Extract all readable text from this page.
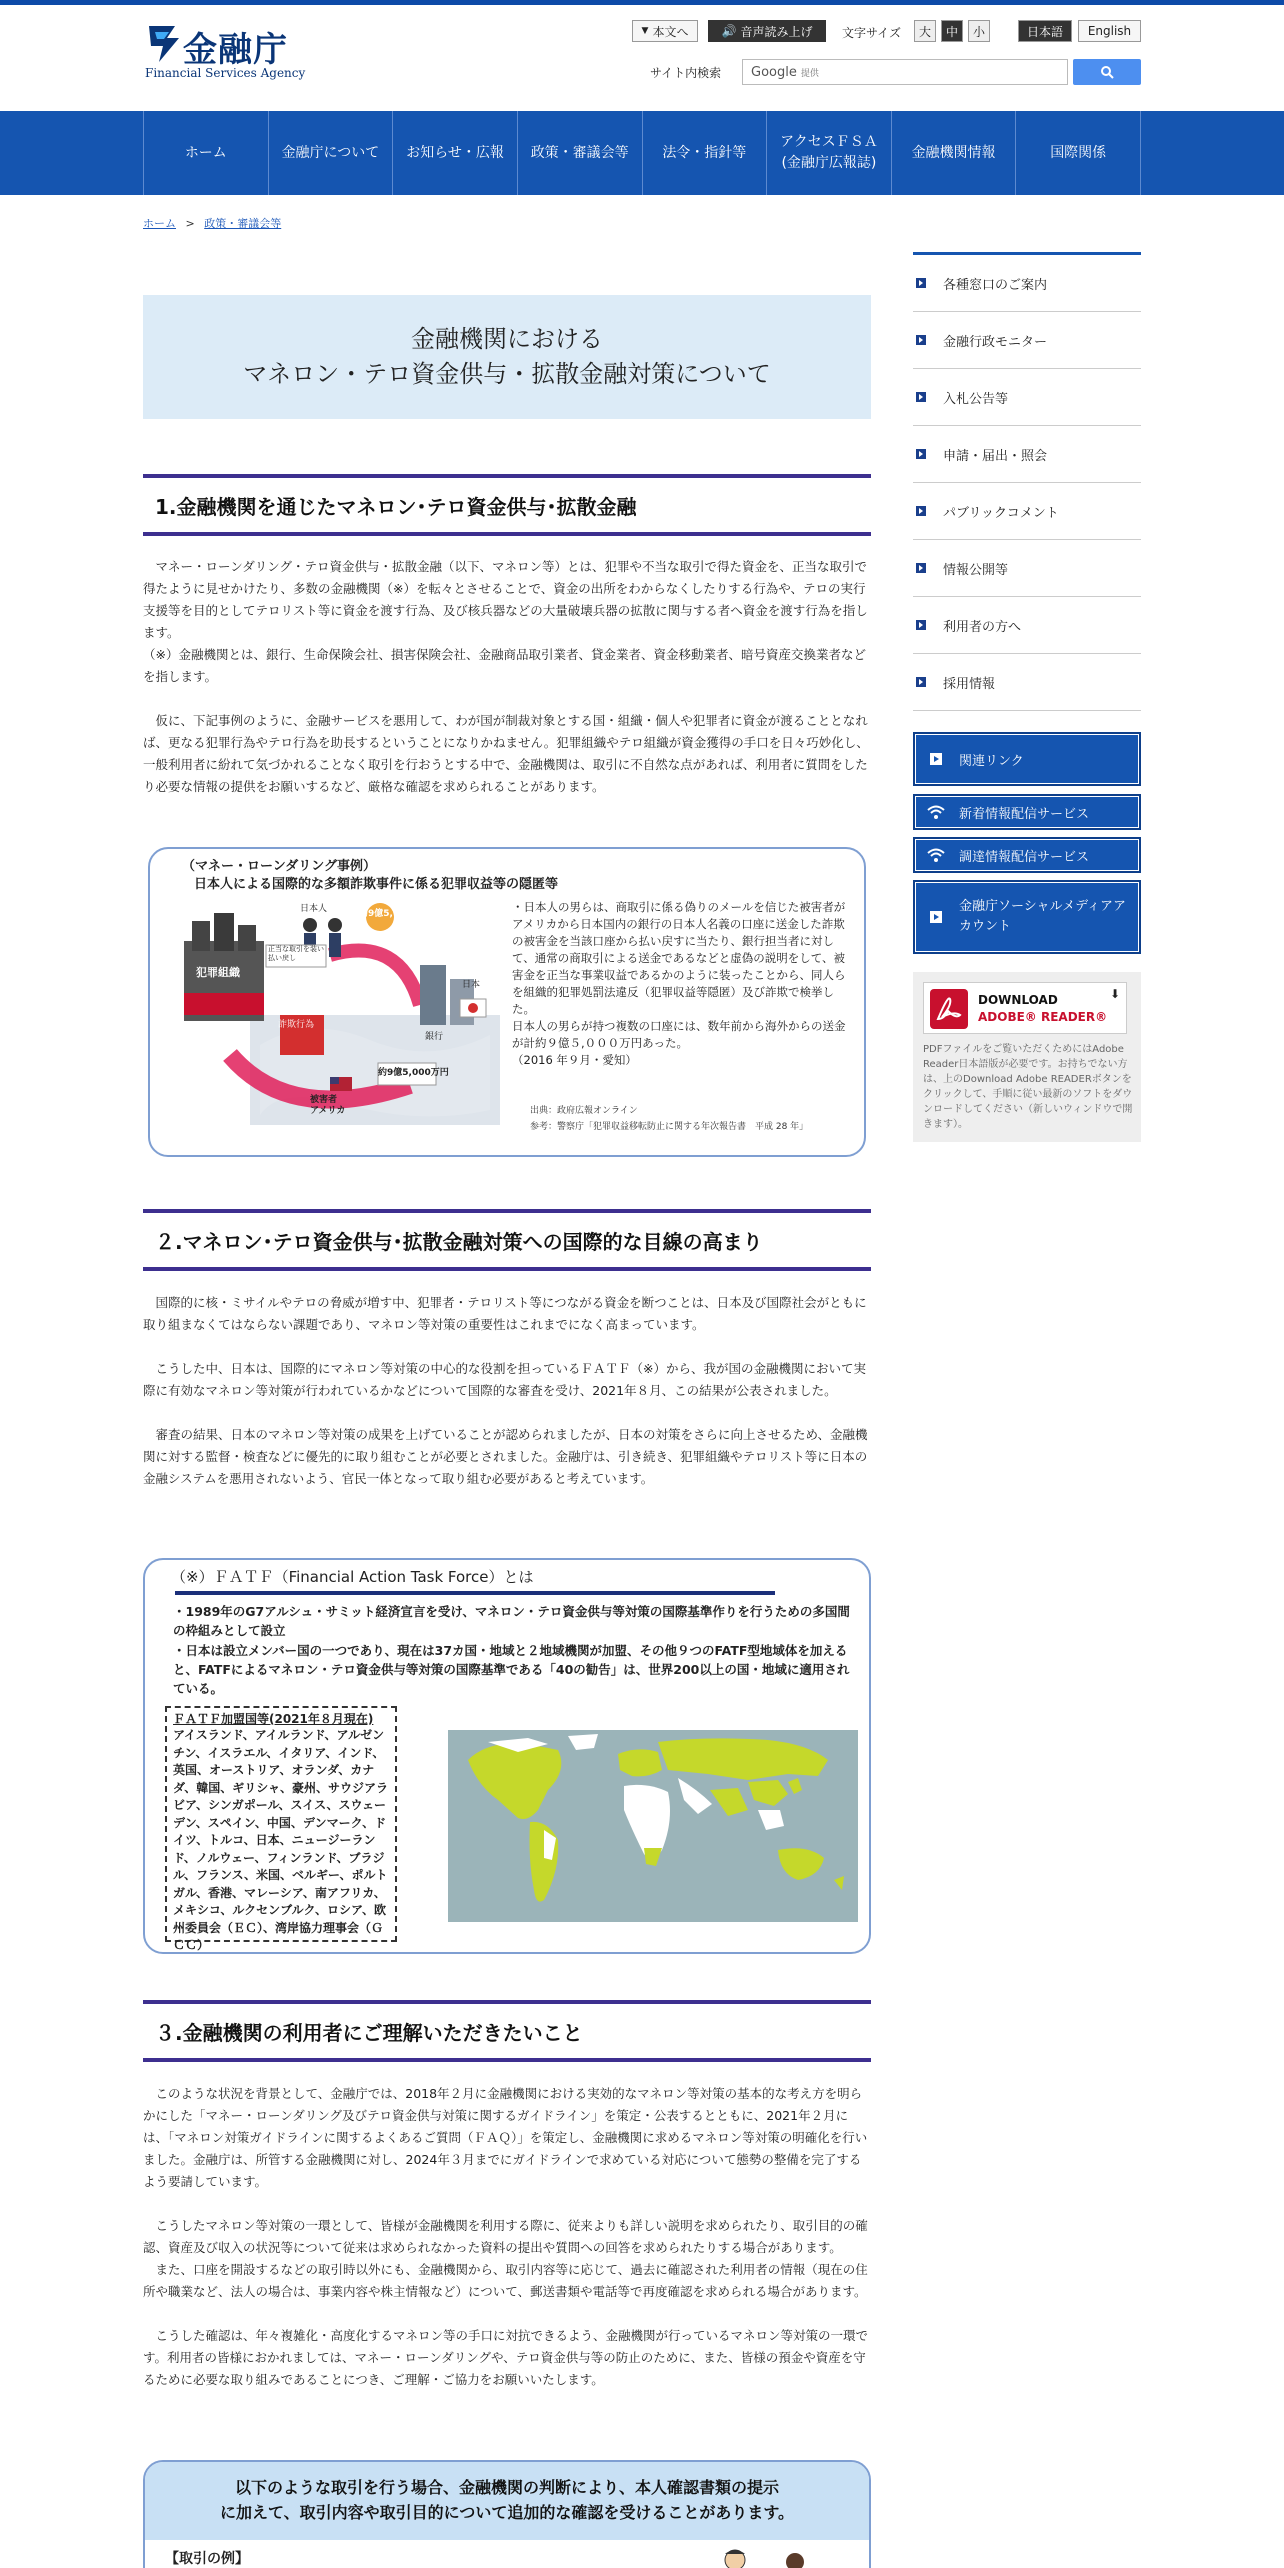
金融庁
Financial Services Agency
▼ 本文へ	🔊 音声読み上げ 文字サイズ	大	中	小	日本語	English
サイト内検索 Google 提供
ホーム	金融庁について	お知らせ・広報	政策・審議会等	法令・指針等
アクセスＦＳＡ
(金融庁広報誌)
金融機関情報	国際関係
ホーム > 政策・審議会等
金融機関における
マネロン・テロ資金供与・拡散金融対策について
1.金融機関を通じたマネロン･テロ資金供与･拡散金融

マネー・ローンダリング・テロ資金供与・拡散金融（以下、マネロン等）とは、犯罪や不当な取引で得た資金を、正当な取引で得たように見せかけたり、多数の金融機関（※）を転々とさせることで、資金の出所をわからなくしたりする行為や、テロの実行支援等を目的としてテロリスト等に資金を渡す行為、及び核兵器などの大量破壊兵器の拡散に関与する者へ資金を渡す行為を指します。

（※）金融機関とは、銀行、生命保険会社、損害保険会社、金融商品取引業者、貸金業者、資金移動業者、暗号資産交換業者などを指します。

仮に、下記事例のように、金融サービスを悪用して、わが国が制裁対象とする国・組織・個人や犯罪者に資金が渡ることとなれば、更なる犯罪行為やテロ行為を助長するということになりかねません。犯罪組織やテロ組織が資金獲得の手口を日々巧妙化し、一般利用者に紛れて気づかれることなく取引を行おうとする中で、金融機関は、取引に不自然な点があれば、利用者に質問をしたり必要な情報の提供をお願いするなど、厳格な確認を求められることがあります。

（マネー・ローンダリング事例）
日本人による国際的な多額詐欺事件に係る犯罪収益等の隠匿等
犯罪組織
日本人	約9億5,000万円
正当な取引を装い
払い戻し
詐欺行為
約9億5,000万円
被害者
アメリカ
銀行
日本
・日本人の男らは、商取引に係る偽りのメールを信じた被害者がアメリカから日本国内の銀行の日本人名義の口座に送金した詐欺の被害金を当該口座から払い戻すに当たり、銀行担当者に対して、通常の商取引による送金であるなどと虚偽の説明をして、被害金を正当な事業収益であるかのように装ったことから、同人らを組織的犯罪処罰法違反（犯罪収益等隠匿）及び詐欺で検挙した。
日本人の男らが持つ複数の口座には、数年前から海外からの送金が計約９億５,０００万円あった。
（2016 年９月・愛知）
出典：政府広報オンライン
参考：警察庁「犯罪収益移転防止に関する年次報告書　平成 28 年」
２.マネロン･テロ資金供与･拡散金融対策への国際的な目線の高まり

国際的に核・ミサイルやテロの脅威が増す中、犯罪者・テロリスト等につながる資金を断つことは、日本及び国際社会がともに取り組まなくてはならない課題であり、マネロン等対策の重要性はこれまでになく高まっています。

こうした中、日本は、国際的にマネロン等対策の中心的な役割を担っているＦＡＴＦ（※）から、我が国の金融機関において実際に有効なマネロン等対策が行われているかなどについて国際的な審査を受け、2021年８月、この結果が公表されました。

審査の結果、日本のマネロン等対策の成果を上げていることが認められましたが、日本の対策をさらに向上させるため、金融機関に対する監督・検査などに優先的に取り組むことが必要とされました。金融庁は、引き続き、犯罪組織やテロリスト等に日本の金融システムを悪用されないよう、官民一体となって取り組む必要があると考えています。

（※）ＦＡＴＦ（Financial Action Task Force）とは
・1989年のG7アルシュ・サミット経済宣言を受け、マネロン・テロ資金供与等対策の国際基準作りを行うための多国間の枠組みとして設立
・日本は設立メンバー国の一つであり、現在は37カ国・地域と２地域機関が加盟、その他９つのFATF型地域体を加えると、FATFによるマネロン・テロ資金供与等対策の国際基準である「40の勧告」は、世界200以上の国・地域に適用されている。
ＦＡＴＦ加盟国等(2021年８月現在)
アイスランド、アイルランド、アルゼンチン、イスラエル、イタリア、インド、英国、オーストリア、オランダ、カナダ、韓国、ギリシャ、豪州、サウジアラビア、シンガポール、スイス、スウェーデン、スペイン、中国、デンマーク、ドイツ、トルコ、日本、ニュージーランド、ノルウェー、フィンランド、ブラジル、フランス、米国、ベルギー、ポルトガル、香港、マレーシア、南アフリカ、メキシコ、ルクセンブルク、ロシア、欧州委員会（ＥＣ）、湾岸協力理事会（ＧＣＣ）
３.金融機関の利用者にご理解いただきたいこと

このような状況を背景として、金融庁では、2018年２月に金融機関における実効的なマネロン等対策の基本的な考え方を明らかにした「マネー・ローンダリング及びテロ資金供与対策に関するガイドライン」を策定・公表するとともに、2021年２月には、「マネロン対策ガイドラインに関するよくあるご質問（ＦＡＱ）」を策定し、金融機関に求めるマネロン等対策の明確化を行いました。金融庁は、所管する金融機関に対し、2024年３月までにガイドラインで求めている対応について態勢の整備を完了するよう要請しています。

こうしたマネロン等対策の一環として、皆様が金融機関を利用する際に、従来よりも詳しい説明を求められたり、取引目的の確認、資産及び収入の状況等について従来は求められなかった資料の提出や質問への回答を求められたりする場合があります。

また、口座を開設するなどの取引時以外にも、金融機関から、取引内容等に応じて、過去に確認された利用者の情報（現在の住所や職業など、法人の場合は、事業内容や株主情報など）について、郵送書類や電話等で再度確認を求められる場合があります。

こうした確認は、年々複雑化・高度化するマネロン等の手口に対抗できるよう、金融機関が行っているマネロン等対策の一環です。利用者の皆様におかれましては、マネー・ローンダリングや、テロ資金供与等の防止のために、また、皆様の預金や資産を守るために必要な取り組みであることにつき、ご理解・ご協力をお願いいたします。

以下のような取引を行う場合、金融機関の判断により、本人確認書類の提示
に加えて、取引内容や取引目的について追加的な確認を受けることがあります。
【取引の例】
各種窓口のご案内
金融行政モニター
入札公告等
申請・届出・照会
パブリックコメント
情報公開等
利用者の方へ
採用情報
関連リンク
新着情報配信サービス
調達情報配信サービス
金融庁ソーシャルメディアアカウント
DOWNLOAD
ADOBE® READER®
⬇
PDFファイルをご覧いただくためにはAdobe Reader日本語版が必要です。お持ちでない方は、上のDownload Adobe READERボタンをクリックして、手順に従い最新のソフトをダウンロードしてください（新しいウィンドウで開きます）。
